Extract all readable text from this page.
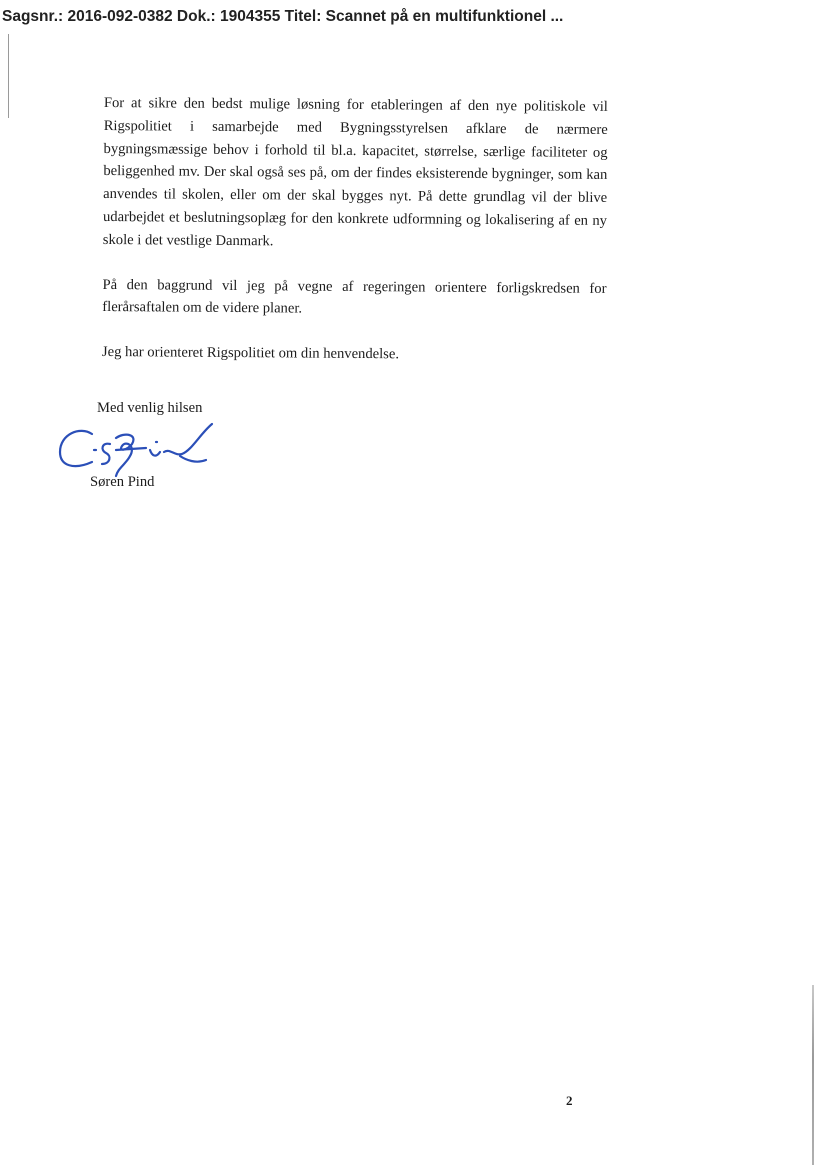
Sagsnr.: 2016-092-0382 Dok.: 1904355 Titel: Scannet på en multifunktionel ...

For at sikre den bedst mulige løsning for etableringen af den nye politiskole vil Rigspolitiet i samarbejde med Bygningsstyrelsen afklare de nærmere bygningsmæssige behov i forhold til bl.a. kapacitet, størrelse, særlige faciliteter og beliggenhed mv. Der skal også ses på, om der findes eksisterende bygninger, som kan anvendes til skolen, eller om der skal bygges nyt. På dette grundlag vil der blive udarbejdet et beslutningsoplæg for den konkrete udformning og lokalisering af en ny skole i det vestlige Danmark.

På den baggrund vil jeg på vegne af regeringen orientere forligskredsen for flerårsaftalen om de videre planer.

Jeg har orienteret Rigspolitiet om din henvendelse.

Med venlig hilsen
Søren Pind
2
